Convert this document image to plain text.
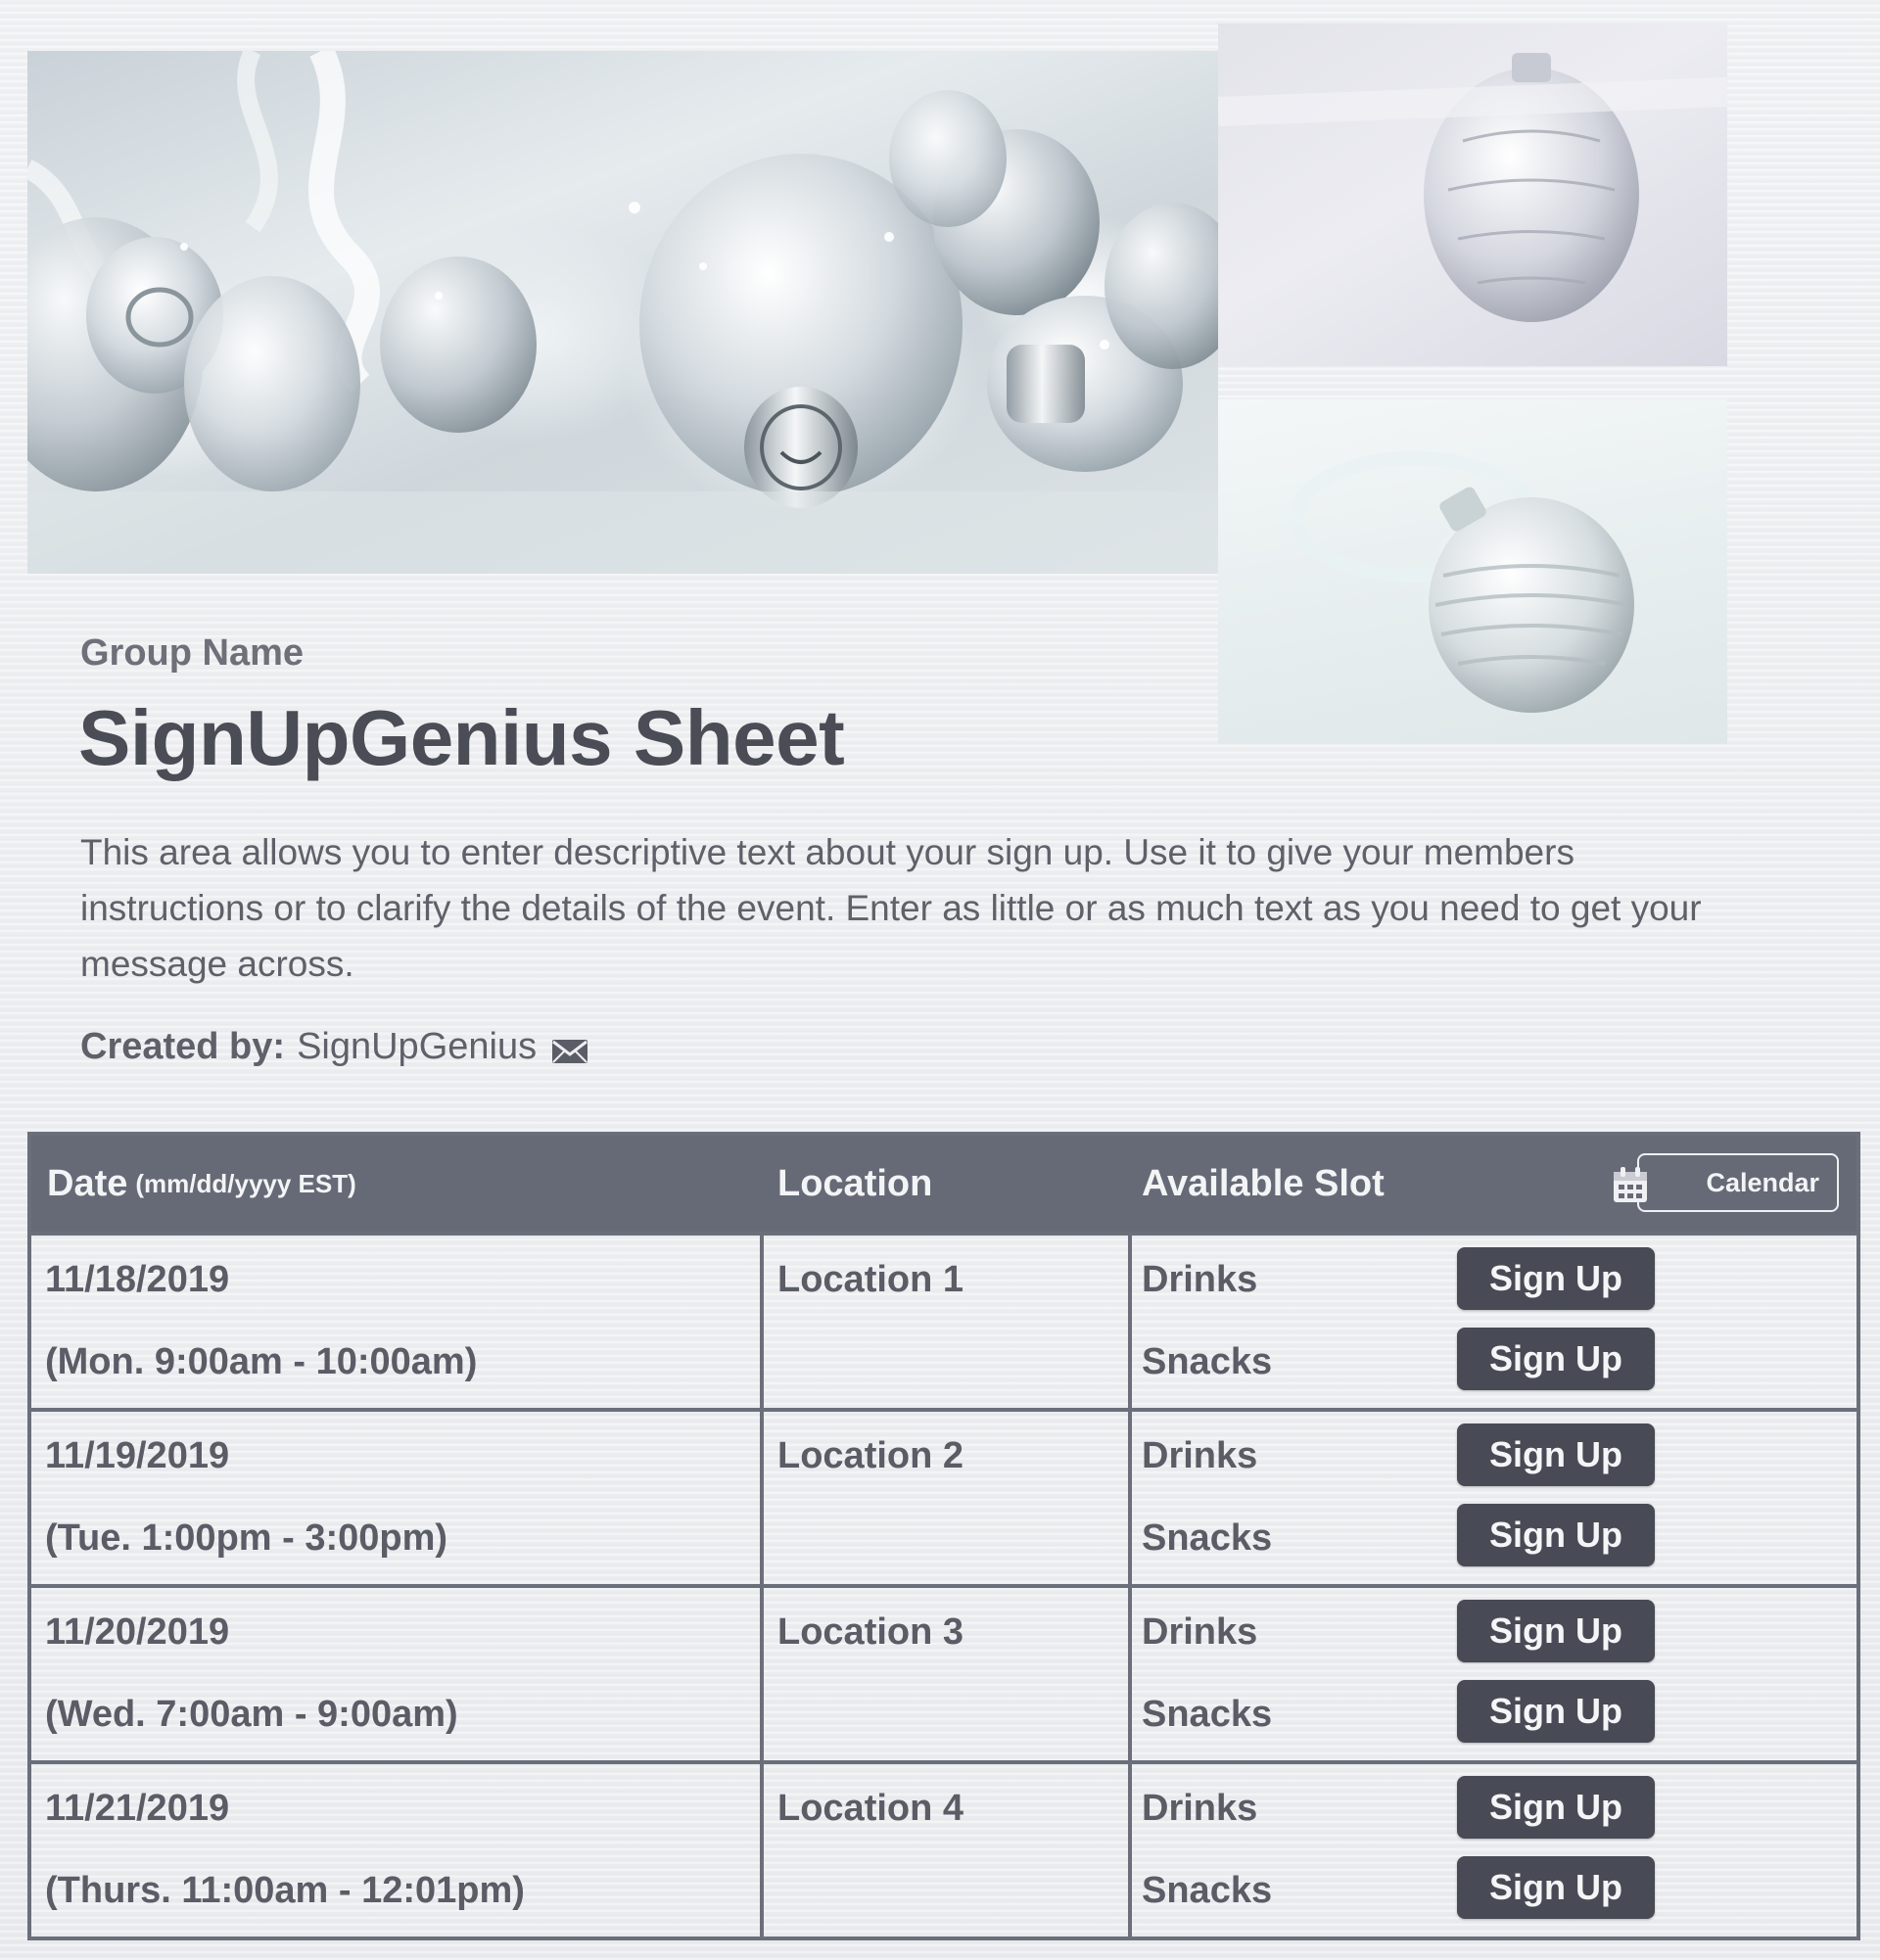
Group Name
SignUpGenius Sheet
This area allows you to enter descriptive text about your sign up. Use it to give your members instructions or to clarify the details of the event. Enter as little or as much text as you need to get your message across.
Created by: SignUpGenius
Date (mm/dd/yyyy EST)	Location	Available Slot	Calendar
11/18/2019
(Mon. 9:00am - 10:00am)
Location 1	Drinks	Sign Up
Snacks	Sign Up
11/19/2019
(Tue. 1:00pm - 3:00pm)
Location 2	Drinks	Sign Up
Snacks	Sign Up
11/20/2019
(Wed. 7:00am - 9:00am)
Location 3	Drinks	Sign Up
Snacks	Sign Up
11/21/2019
(Thurs. 11:00am - 12:01pm)
Location 4	Drinks	Sign Up
Snacks	Sign Up
